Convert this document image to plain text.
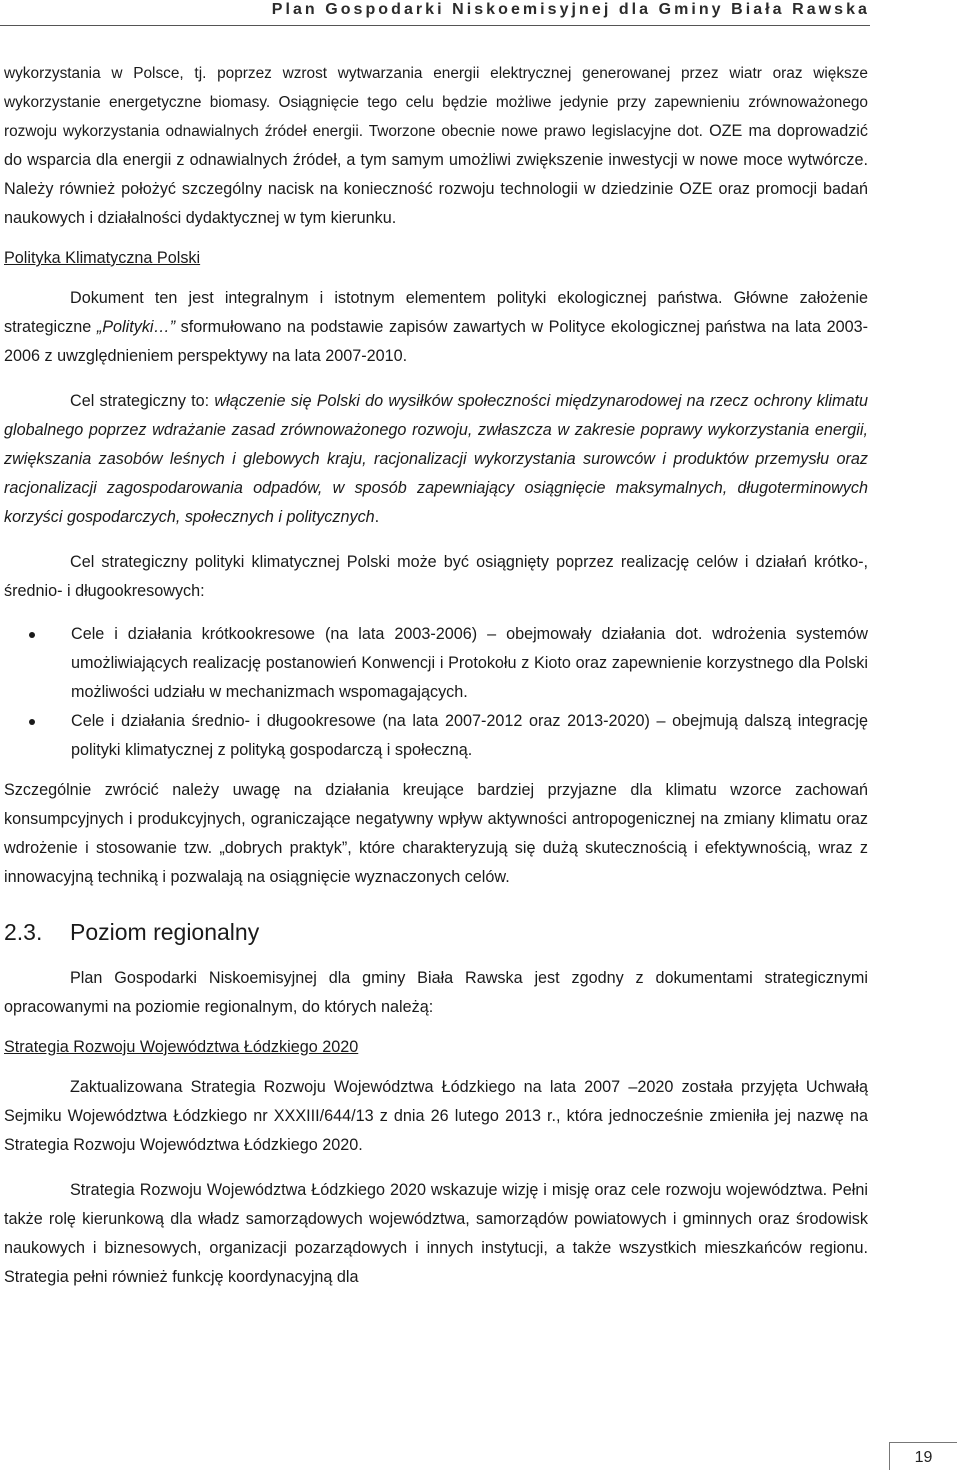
Plan Gospodarki Niskoemisyjnej dla Gminy Biała Rawska

wykorzystania w Polsce, tj. poprzez wzrost wytwarzania energii elektrycznej generowanej przez wiatr oraz większe wykorzystanie energetyczne biomasy. Osiągnięcie tego celu będzie możliwe jedynie przy zapewnieniu zrównoważonego rozwoju wykorzystania odnawialnych źródeł energii. Tworzone obecnie nowe prawo legislacyjne dot. OZE ma doprowadzić do wsparcia dla energii z odnawialnych źródeł, a tym samym umożliwi zwiększenie inwestycji w nowe moce wytwórcze. Należy również położyć szczególny nacisk na konieczność rozwoju technologii w dziedzinie OZE oraz promocji badań naukowych i działalności dydaktycznej w tym kierunku.

Polityka Klimatyczna Polski

Dokument ten jest integralnym i istotnym elementem polityki ekologicznej państwa. Główne założenie strategiczne „Polityki…” sformułowano na podstawie zapisów zawartych w Polityce ekologicznej państwa na lata 2003-2006 z uwzględnieniem perspektywy na lata 2007-2010.

Cel strategiczny to: włączenie się Polski do wysiłków społeczności międzynarodowej na rzecz ochrony klimatu globalnego poprzez wdrażanie zasad zrównoważonego rozwoju, zwłaszcza w zakresie poprawy wykorzystania energii, zwiększania zasobów leśnych i glebowych kraju, racjonalizacji wykorzystania surowców i produktów przemysłu oraz racjonalizacji zagospodarowania odpadów, w sposób zapewniający osiągnięcie maksymalnych, długoterminowych korzyści gospodarczych, społecznych i politycznych.

Cel strategiczny polityki klimatycznej Polski może być osiągnięty poprzez realizację celów i działań krótko-, średnio- i długookresowych:

Cele i działania krótkookresowe (na lata 2003-2006) – obejmowały działania dot. wdrożenia systemów umożliwiających realizację postanowień Konwencji i Protokołu z Kioto oraz zapewnienie korzystnego dla Polski możliwości udziału w mechanizmach wspomagających.
Cele i działania średnio- i długookresowe (na lata 2007-2012 oraz 2013-2020) – obejmują dalszą integrację polityki klimatycznej z polityką gospodarczą i społeczną.

Szczególnie zwrócić należy uwagę na działania kreujące bardziej przyjazne dla klimatu wzorce zachowań konsumpcyjnych i produkcyjnych, ograniczające negatywny wpływ aktywności antropogenicznej na zmiany klimatu oraz wdrożenie i stosowanie tzw. „dobrych praktyk”, które charakteryzują się dużą skutecznością i efektywnością, wraz z innowacyjną techniką i pozwalają na osiągnięcie wyznaczonych celów.

2.3.	Poziom regionalny

Plan Gospodarki Niskoemisyjnej dla gminy Biała Rawska jest zgodny z dokumentami strategicznymi opracowanymi na poziomie regionalnym, do których należą:

Strategia Rozwoju Województwa Łódzkiego 2020

Zaktualizowana Strategia Rozwoju Województwa Łódzkiego na lata 2007 –2020 została przyjęta Uchwałą Sejmiku Województwa Łódzkiego nr XXXIII/644/13 z dnia 26 lutego 2013 r., która jednocześnie zmieniła jej nazwę na Strategia Rozwoju Województwa Łódzkiego 2020.

Strategia Rozwoju Województwa Łódzkiego 2020 wskazuje wizję i misję oraz cele rozwoju województwa. Pełni także rolę kierunkową dla władz samorządowych województwa, samorządów powiatowych i gminnych oraz środowisk naukowych i biznesowych, organizacji pozarządowych i innych instytucji, a także wszystkich mieszkańców regionu. Strategia pełni również funkcję koordynacyjną dla

19
